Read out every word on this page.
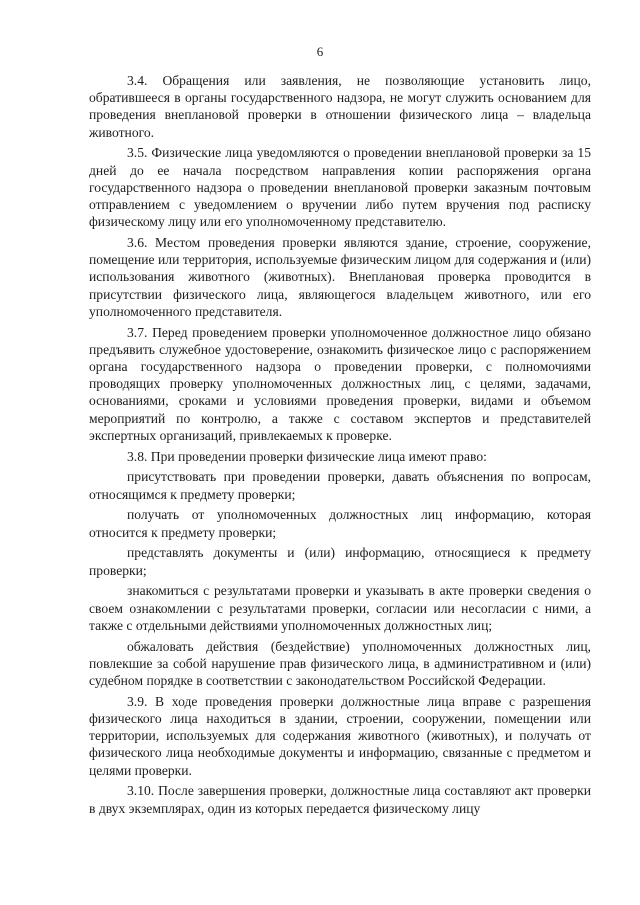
6

3.4. Обращения или заявления, не позволяющие установить лицо, обратившееся в органы государственного надзора, не могут служить основанием для проведения внеплановой проверки в отношении физического лица – владельца животного.

3.5. Физические лица уведомляются о проведении внеплановой проверки за 15 дней до ее начала посредством направления копии распоряжения органа государственного надзора о проведении внеплановой проверки заказным почтовым отправлением с уведомлением о вручении либо путем вручения под расписку физическому лицу или его уполномоченному представителю.

3.6. Местом проведения проверки являются здание, строение, сооружение, помещение или территория, используемые физическим лицом для содержания и (или) использования животного (животных). Внеплановая проверка проводится в присутствии физического лица, являющегося владельцем животного, или его уполномоченного представителя.

3.7. Перед проведением проверки уполномоченное должностное лицо обязано предъявить служебное удостоверение, ознакомить физическое лицо с распоряжением органа государственного надзора о проведении проверки, с полномочиями проводящих проверку уполномоченных должностных лиц, с целями, задачами, основаниями, сроками и условиями проведения проверки, видами и объемом мероприятий по контролю, а также с составом экспертов и представителей экспертных организаций, привлекаемых к проверке.

3.8. При проведении проверки физические лица имеют право:

присутствовать при проведении проверки, давать объяснения по вопросам, относящимся к предмету проверки;

получать от уполномоченных должностных лиц информацию, которая относится к предмету проверки;

представлять документы и (или) информацию, относящиеся к предмету проверки;

знакомиться с результатами проверки и указывать в акте проверки сведения о своем ознакомлении с результатами проверки, согласии или несогласии с ними, а также с отдельными действиями уполномоченных должностных лиц;

обжаловать действия (бездействие) уполномоченных должностных лиц, повлекшие за собой нарушение прав физического лица, в административном и (или) судебном порядке в соответствии с законодательством Российской Федерации.

3.9. В ходе проведения проверки должностные лица вправе с разрешения физического лица находиться в здании, строении, сооружении, помещении или территории, используемых для содержания животного (животных), и получать от физического лица необходимые документы и информацию, связанные с предметом и целями проверки.

3.10. После завершения проверки, должностные лица составляют акт проверки в двух экземплярах, один из которых передается физическому лицу
